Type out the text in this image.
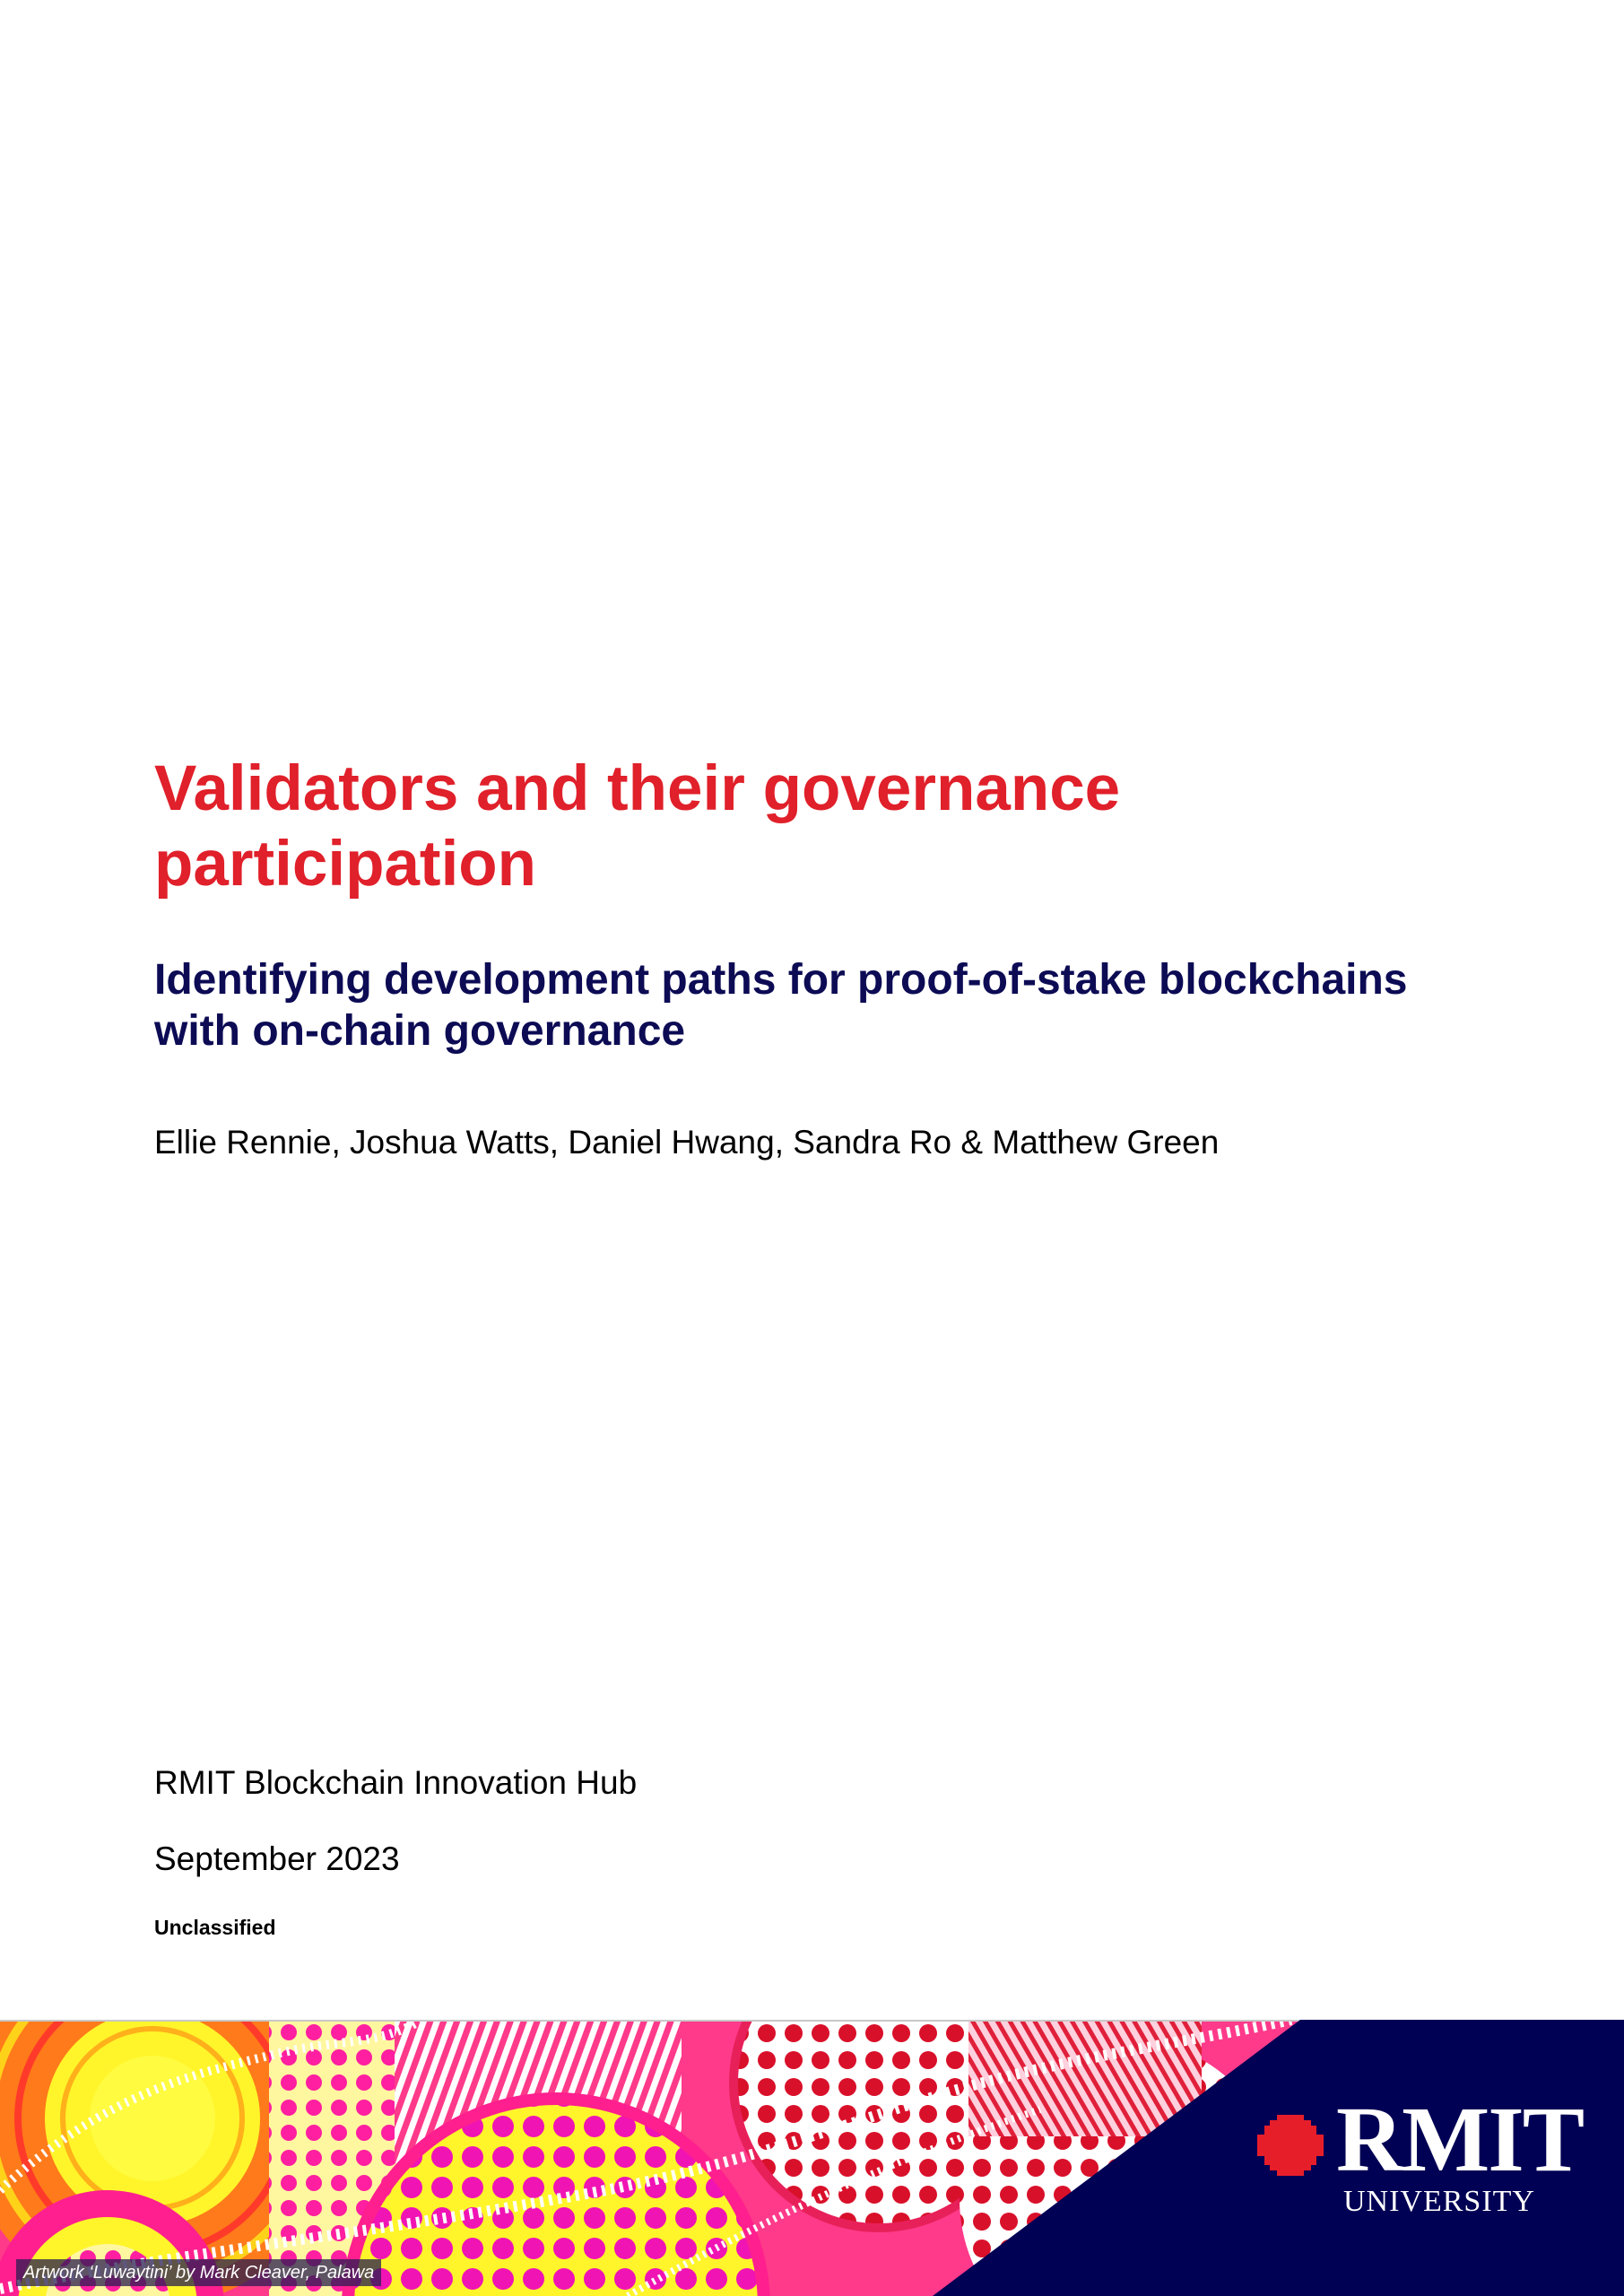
Validators and their governance participation
Identifying development paths for proof-of-stake blockchains with on-chain governance

Ellie Rennie, Joshua Watts, Daniel Hwang, Sandra Ro & Matthew Green

RMIT Blockchain Innovation Hub

September 2023

Unclassified

RMIT
UNIVERSITY
Artwork ‘Luwaytini’ by Mark Cleaver, Palawa
